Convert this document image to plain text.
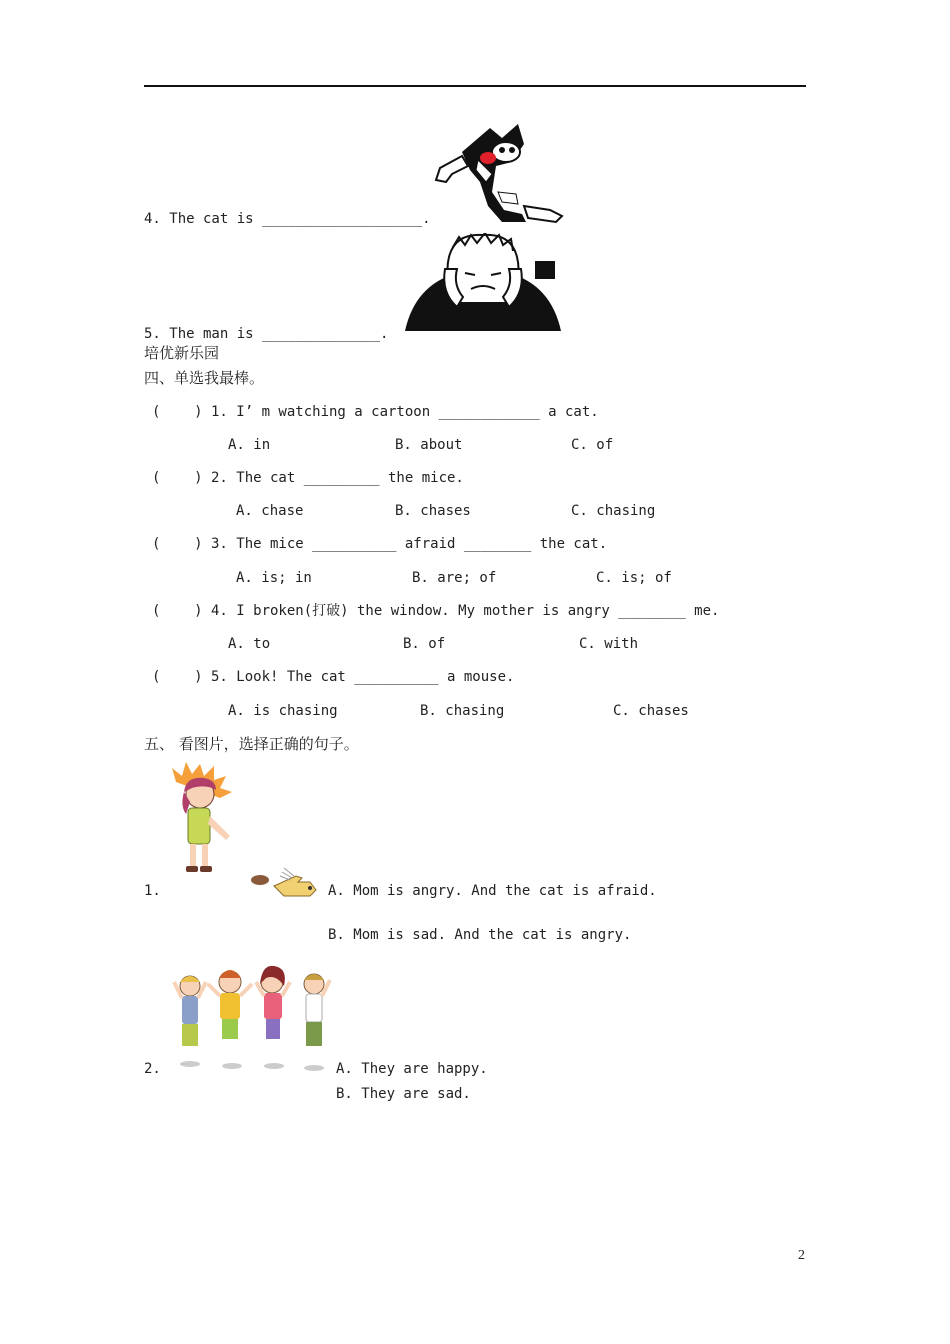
4. The cat is ___________________.
5. The man is ______________.
培优新乐园
四、单选我最棒。
(    ) 1. I’ m watching a cartoon ____________ a cat.
A. in	B. about	C. of
(    ) 2. The cat _________ the mice.
A. chase	B. chases	C. chasing
(    ) 3. The mice __________ afraid ________ the cat.
A. is; in	B. are; of	C. is; of
(    ) 4. I broken(打破) the window. My mother is angry ________ me.
A. to	B. of	C. with
(    ) 5. Look! The cat __________ a mouse.
A. is chasing	B. chasing	C. chases
五、 看图片，选择正确的句子。
1.	A. Mom is angry. And the cat is afraid.
B. Mom is sad. And the cat is angry.
2.	A. They are happy.
B. They are sad.
2
